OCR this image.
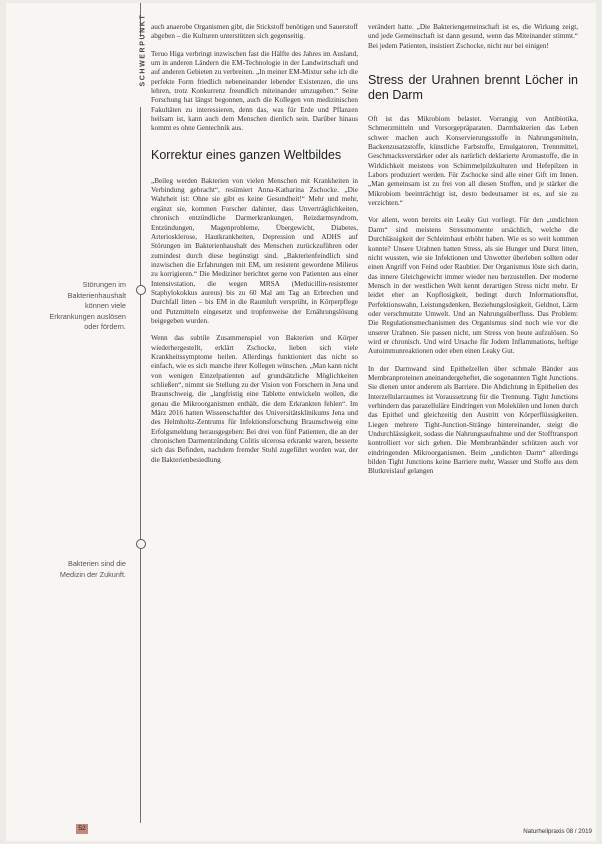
SCHWERPUNKT
Störungen im Bakterienhaushalt können viele Erkrankungen auslösen oder fördern.
Bakterien sind die Medizin der Zukunft.

auch anaerobe Organismen gibt, die Stickstoff benötigen und Sauerstoff abgeben – die Kulturen unterstützen sich gegenseitig.

Teruo Higa verbringt inzwischen fast die Hälfte des Jahres im Ausland, um in anderen Ländern die EM-Technologie in der Landwirtschaft und auf anderen Gebieten zu verbreiten. „In meiner EM-Mixtur sehe ich die perfekte Form friedlich nebeneinander lebender Existenzen, die uns lehren, trotz Konkurrenz freundlich miteinander umzugehen.“ Seine Forschung hat längst begonnen, auch die Kollegen von medizinischen Fakultäten zu interessieren, denn das, was für Erde und Pflanzen heilsam ist, kann auch dem Menschen dienlich sein. Darüber hinaus kommt es ohne Gentechnik aus.

Korrektur eines ganzen Weltbildes

„Beileg werden Bakterien von vielen Menschen mit Krankheiten in Verbindung gebracht“, resümiert Anna-Katharina Zschocke. „Die Wahrheit ist: Ohne sie gibt es keine Gesundheit!“ Mehr und mehr, ergänzt sie, kommen Forscher dahinter, dass Unverträglichkeiten, chronisch entzündliche Darmerkrankungen, Reizdarmsyndrom, Entzündungen, Magenprobleme, Übergewicht, Diabetes, Arteriosklerose, Hautkrankheiten, Depression und ADHS auf Störungen im Bakterienhaushalt des Menschen zurückzuführen oder zumindest durch diese begünstigt sind. „Bakterienfeindlich sind inzwischen die Erfahrungen mit EM, um resistent gewordene Milieus zu korrigieren.“ Die Mediziner berichtet gerne von Patienten aus einer Intensivstation, die wegen MRSA (Methicillin-resistenter Staphylokokkus aureus) bis zu 60 Mal am Tag an Erbrechen und Durchfall litten – bis EM in die Raumluft versprüht, in Körperpflege und Putzmitteln eingesetzt und tropfenweise der Ernährungslösung beigegeben wurden.

Wenn das subtile Zusammenspiel von Bakterien und Körper wiederhergestellt, erklärt Zschocke, lieben sich viele Krankheitssymptome heilen. Allerdings funktioniert das nicht so einfach, wie es sich manche ihrer Kollegen wünschen. „Man kann nicht von wenigen Einzelpatienten auf grundsätzliche Möglichkeiten schließen“, nimmt sie Stellung zu der Vision von Forschern in Jena und Braunschweig, die „langfristig eine Tablette entwickeln wollen, die genau die Mikroorganismen enthält, die dem Erkrankten fehlen“. Im März 2016 hatten Wissenschaftler des Universitätsklinikums Jena und des Helmholtz-Zentrums für Infektionsforschung Braunschweig eine Erfolgsmeldung herausgegeben: Bei drei von fünf Patienten, die an der chronischen Darmentzündung Colitis ulcerosa erkrankt waren, besserte sich das Befinden, nachdem fremder Stuhl zugeführt worden war, der die Bakterienbesiedlung

verändert hatte. „Die Bakteriengemeinschaft ist es, die Wirkung zeigt, und jede Gemeinschaft ist dann gesund, wenn das Miteinander stimmt.“ Bei jedem Patienten, insistiert Zschocke, nicht nur bei einigen!

Stress der Urahnen brennt Löcher in den Darm

Oft ist das Mikrobiom belastet. Vorrangig von Antibiotika, Schmerzmitteln und Vorsorgepräparaten. Darmbakterien das Leben schwer machen auch Konservierungsstoffe in Nahrungsmitteln, Backenzusatzstoffe, künstliche Farbstoffe, Emulgatoren, Trennmittel, Geschmacksverstärker oder als natürlich deklarierte Aromastoffe, die in Wirklichkeit meistens von Schimmelpilzkulturen und Hefepilzen in Labors produziert werden. Für Zschocke sind alle einer Gift im Innen. „Man gemeinsam ist zu frei von all diesen Stoffen, und je stärker die Mikrobiom beeinträchtigt ist, desto bedeutsamer ist es, auf sie zu verzichten.“

Vor allem, wenn bereits ein Leaky Gut vorliegt. Für den „undichten Darm“ sind meistens Stressmomente ursächlich, welche die Durchlässigkeit der Schleimhaut erhöht haben. Wie es so weit kommen konnte? Unsere Urahnen hatten Stress, als sie Hunger und Durst litten, nicht wussten, wie sie Infektionen und Unwetter überleben sollten oder einen Angriff von Feind oder Raubtier. Der Organismus löste sich darin, das innere Gleichgewicht immer wieder neu herzustellen. Der moderne Mensch in der westlichen Welt kennt derartigen Stress nicht mehr. Er leidet eher an Kopflosigkeit, bedingt durch Informationsflut, Perfektionswahn, Leistungsdenken, Beziehungslosigkeit, Geldnot, Lärm oder verschmutzte Umwelt. Und an Nahrungsüberfluss. Das Problem: Die Regulationsmechanismen des Organismus sind noch wie vor die unserer Urahnen. Sie passen nicht, um Stress von heute aufzulösen. So wird er chronisch. Und wird Ursache für Jodem Inflammations, heftige Autoimmunreaktionen oder eben einen Leaky Gut.

In der Darmwand sind Epithelzellen über schmale Bänder aus Membranproteinen aneinandergeheftet, die sogenannten Tight Junctions. Sie dienen unter anderem als Barriere. Die Abdichtung in Epithelien des Interzellularraumes ist Voraussetzung für die Trennung. Tight Junctions verhindern das parazelluläre Eindringen von Molekülen und Ionen durch das Epithel und gleichzeitig den Austritt von Körperflüssigkeiten. Liegen mehrere Tight-Junction-Stränge hintereinander, steigt die Undurchlässigkeit, sodass die Nahrungsaufnahme und der Stofftransport kontrolliert vor sich gehen. Die Membranbänder schützen auch vor eindringenden Mikroorganismen. Beim „undichten Darm“ allerdings bilden Tight Junctions keine Barriere mehr, Wasser und Stoffe aus dem Blutkreislauf gelangen

52	Naturheilpraxis 08 / 2019
